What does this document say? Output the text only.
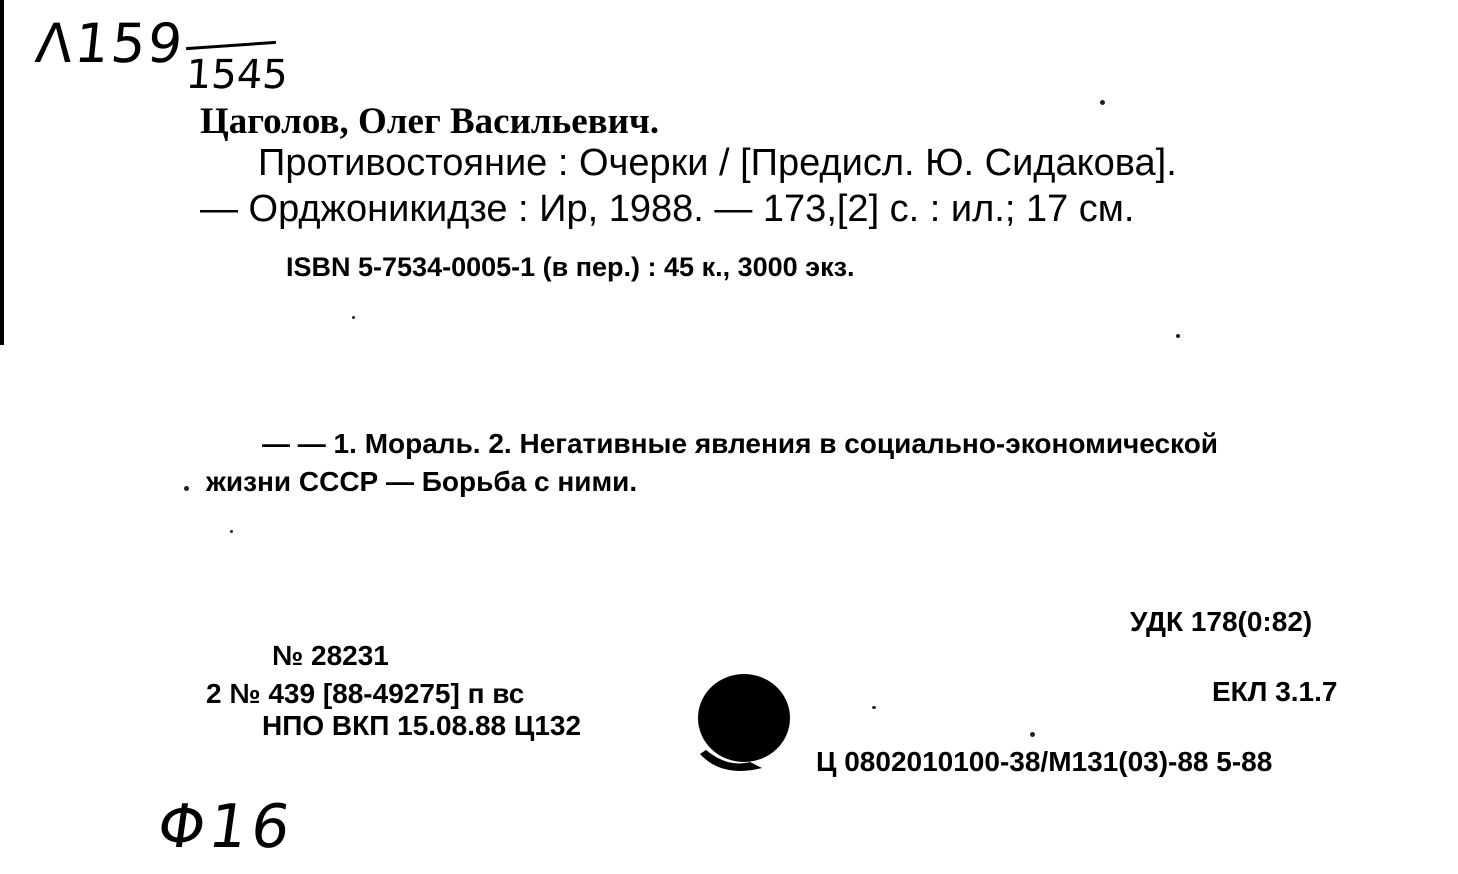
Λ159
1545
Цаголов, Олег Васильевич.
Противостояние : Очерки / [Предисл. Ю. Сидакова].
— Орджоникидзе : Ир, 1988. — 173,[2] с. : ил.; 17 см.
ISBN 5-7534-0005-1 (в пер.) : 45 к., 3000 экз.
— — 1. Мораль. 2. Негативные явления в социально-экономической
жизни СССР — Борьба с ними.
УДК 178(0:82)
№ 28231
2 № 439 [88-49275] п вс
НПО ВКП 15.08.88 Ц132
ЕКЛ 3.1.7
Ц 0802010100-38/М131(03)-88 5-88
Φ16
